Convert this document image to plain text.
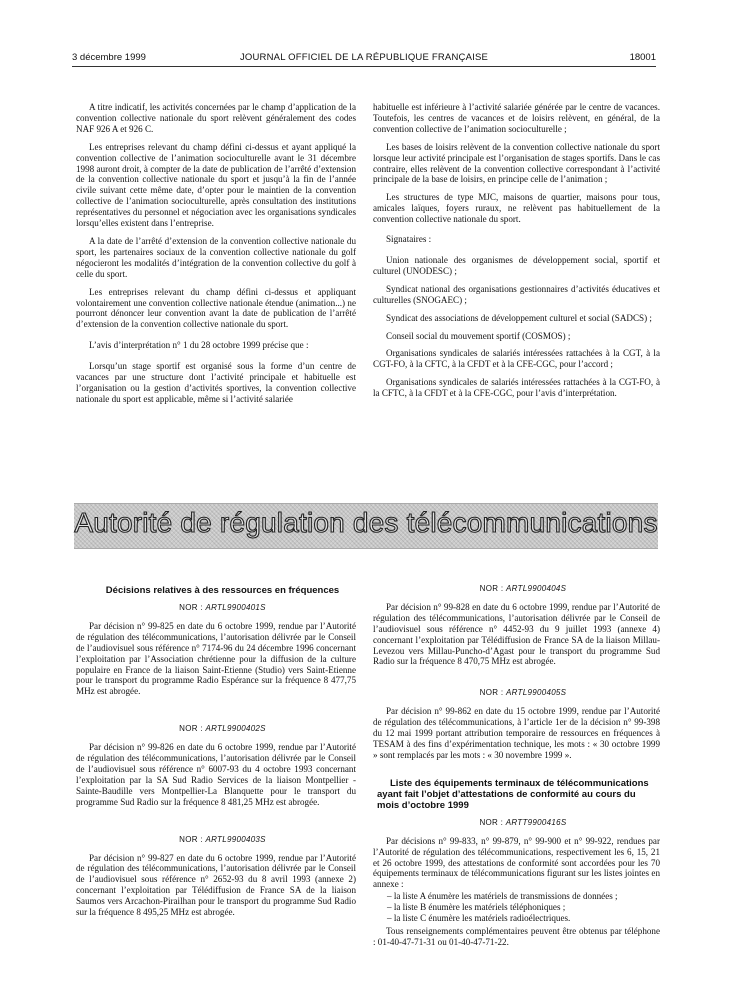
3 décembre 1999	JOURNAL OFFICIEL DE LA RÉPUBLIQUE FRANÇAISE	18001

A titre indicatif, les activités concernées par le champ d’application de la convention collective nationale du sport relèvent généralement des codes NAF 926 A et 926 C.

Les entreprises relevant du champ défini ci-dessus et ayant appliqué la convention collective de l’animation socioculturelle avant le 31 décembre 1998 auront droit, à compter de la date de publication de l’arrêté d’extension de la convention collective nationale du sport et jusqu’à la fin de l’année civile suivant cette même date, d’opter pour le maintien de la convention collective de l’animation socioculturelle, après consultation des institutions représentatives du personnel et négociation avec les organisations syndicales lorsqu’elles existent dans l’entreprise.

A la date de l’arrêté d’extension de la convention collective nationale du sport, les partenaires sociaux de la convention collective nationale du golf négocieront les modalités d’intégration de la convention collective du golf à celle du sport.

Les entreprises relevant du champ défini ci-dessus et appliquant volontairement une convention collective nationale étendue (animation...) ne pourront dénoncer leur convention avant la date de publication de l’arrêté d’extension de la convention collective nationale du sport.

L’avis d’interprétation n° 1 du 28 octobre 1999 précise que :

Lorsqu’un stage sportif est organisé sous la forme d’un centre de vacances par une structure dont l’activité principale et habituelle est l’organisation ou la gestion d’activités sportives, la convention collective nationale du sport est applicable, même si l’activité salariée

habituelle est inférieure à l’activité salariée générée par le centre de vacances. Toutefois, les centres de vacances et de loisirs relèvent, en général, de la convention collective de l’animation socioculturelle ;

Les bases de loisirs relèvent de la convention collective nationale du sport lorsque leur activité principale est l’organisation de stages sportifs. Dans le cas contraire, elles relèvent de la convention collective correspondant à l’activité principale de la base de loisirs, en principe celle de l’animation ;

Les structures de type MJC, maisons de quartier, maisons pour tous, amicales laïques, foyers ruraux, ne relèvent pas habituellement de la convention collective nationale du sport.

Signataires :

Union nationale des organismes de développement social, sportif et culturel (UNODESC) ;

Syndicat national des organisations gestionnaires d’activités éducatives et culturelles (SNOGAEC) ;

Syndicat des associations de développement culturel et social (SADCS) ;

Conseil social du mouvement sportif (COSMOS) ;

Organisations syndicales de salariés intéressées rattachées à la CGT, à la CGT-FO, à la CFTC, à la CFDT et à la CFE-CGC, pour l’accord ;

Organisations syndicales de salariés intéressées rattachées à la CGT-FO, à la CFTC, à la CFDT et à la CFE-CGC, pour l’avis d’interprétation.

Autorité de régulation des télécommunications

Décisions relatives à des ressources en fréquences

NOR : ARTL9900401S

Par décision n° 99-825 en date du 6 octobre 1999, rendue par l’Autorité de régulation des télécommunications, l’autorisation délivrée par le Conseil de l’audiovisuel sous référence n° 7174-96 du 24 décembre 1996 concernant l’exploitation par l’Association chrétienne pour la diffusion de la culture populaire en France de la liaison Saint-Etienne (Studio) vers Saint-Etienne pour le transport du programme Radio Espérance sur la fréquence 8 477,75 MHz est abrogée.

NOR : ARTL9900402S

Par décision n° 99-826 en date du 6 octobre 1999, rendue par l’Autorité de régulation des télécommunications, l’autorisation délivrée par le Conseil de l’audiovisuel sous référence n° 6007-93 du 4 octobre 1993 concernant l’exploitation par la SA Sud Radio Services de la liaison Montpellier - Sainte-Baudille vers Montpellier-La Blanquette pour le transport du programme Sud Radio sur la fréquence 8 481,25 MHz est abrogée.

NOR : ARTL9900403S

Par décision n° 99-827 en date du 6 octobre 1999, rendue par l’Autorité de régulation des télécommunications, l’autorisation délivrée par le Conseil de l’audiovisuel sous référence n° 2652-93 du 8 avril 1993 (annexe 2) concernant l’exploitation par Télédiffusion de France SA de la liaison Saumos vers Arcachon-Pirailhan pour le transport du programme Sud Radio sur la fréquence 8 495,25 MHz est abrogée.

NOR : ARTL9900404S

Par décision n° 99-828 en date du 6 octobre 1999, rendue par l’Autorité de régulation des télécommunications, l’autorisation délivrée par le Conseil de l’audiovisuel sous référence n° 4452-93 du 9 juillet 1993 (annexe 4) concernant l’exploitation par Télédiffusion de France SA de la liaison Millau-Levezou vers Millau-Puncho-d’Agast pour le transport du programme Sud Radio sur la fréquence 8 470,75 MHz est abrogée.

NOR : ARTL9900405S

Par décision n° 99-862 en date du 15 octobre 1999, rendue par l’Autorité de régulation des télécommunications, à l’article 1er de la décision n° 99-398 du 12 mai 1999 portant attribution temporaire de ressources en fréquences à TESAM à des fins d’expérimentation technique, les mots : « 30 octobre 1999 » sont remplacés par les mots : « 30 novembre 1999 ».

Liste des équipements terminaux de télécommunications ayant fait l’objet d’attestations de conformité au cours du mois d’octobre 1999

NOR : ARTT9900416S

Par décisions n° 99-833, n° 99-879, n° 99-900 et n° 99-922, rendues par l’Autorité de régulation des télécommunications, respectivement les 6, 15, 21 et 26 octobre 1999, des attestations de conformité sont accordées pour les 70 équipements terminaux de télécommunications figurant sur les listes jointes en annexe :

– la liste A énumère les matériels de transmissions de données ;
– la liste B énumère les matériels téléphoniques ;
– la liste C énumère les matériels radioélectriques.

Tous renseignements complémentaires peuvent être obtenus par téléphone : 01-40-47-71-31 ou 01-40-47-71-22.
